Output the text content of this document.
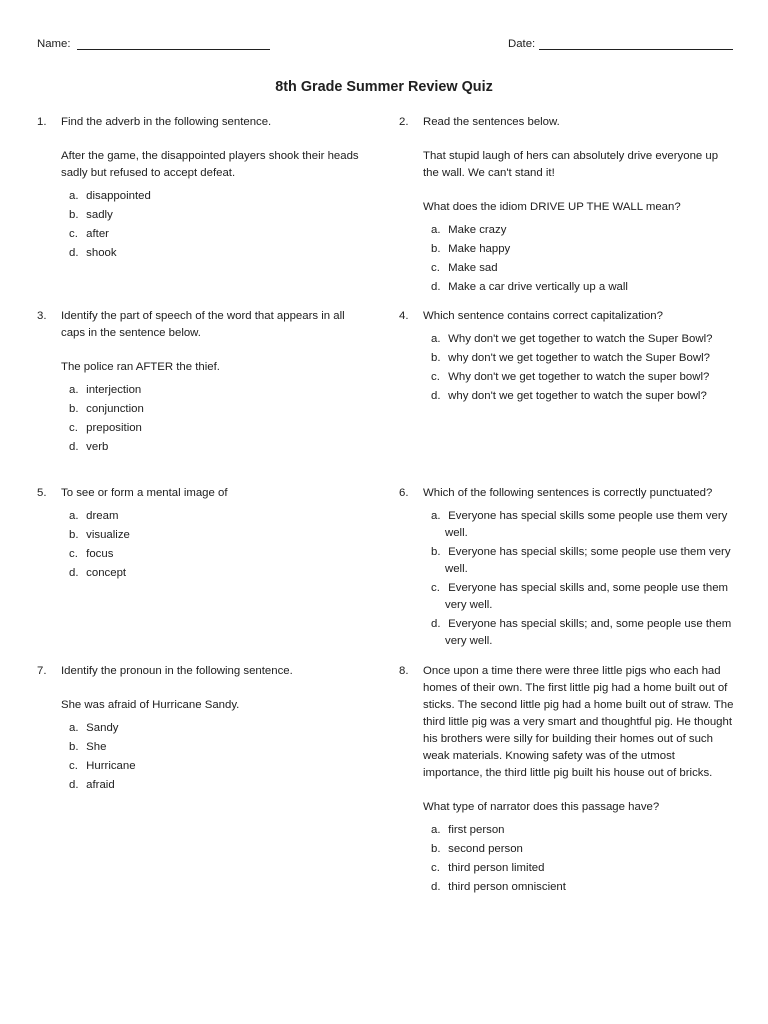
Name:	Date:
8th Grade Summer Review Quiz
1. Find the adverb in the following sentence.

After the game, the disappointed players shook their heads sadly but refused to accept defeat.

a. disappointed
b. sadly
c. after
d. shook
2. Read the sentences below.

That stupid laugh of hers can absolutely drive everyone up the wall. We can't stand it!

What does the idiom DRIVE UP THE WALL mean?

a. Make crazy
b. Make happy
c. Make sad
d. Make a car drive vertically up a wall
3. Identify the part of speech of the word that appears in all caps in the sentence below.

The police ran AFTER the thief.

a. interjection
b. conjunction
c. preposition
d. verb
4. Which sentence contains correct capitalization?

a. Why don't we get together to watch the Super Bowl?
b. why don't we get together to watch the Super Bowl?
c. Why don't we get together to watch the super bowl?
d. why don't we get together to watch the super bowl?
5. To see or form a mental image of

a. dream
b. visualize
c. focus
d. concept
6. Which of the following sentences is correctly punctuated?

a. Everyone has special skills some people use them very well.
b. Everyone has special skills; some people use them very well.
c. Everyone has special skills and, some people use them very well.
d. Everyone has special skills; and, some people use them very well.
7. Identify the pronoun in the following sentence.

She was afraid of Hurricane Sandy.

a. Sandy
b. She
c. Hurricane
d. afraid
8. Once upon a time there were three little pigs who each had homes of their own. The first little pig had a home built out of sticks. The second little pig had a home built out of straw. The third little pig was a very smart and thoughtful pig. He thought his brothers were silly for building their homes out of such weak materials. Knowing safety was of the utmost importance, the third little pig built his house out of bricks.

What type of narrator does this passage have?

a. first person
b. second person
c. third person limited
d. third person omniscient
